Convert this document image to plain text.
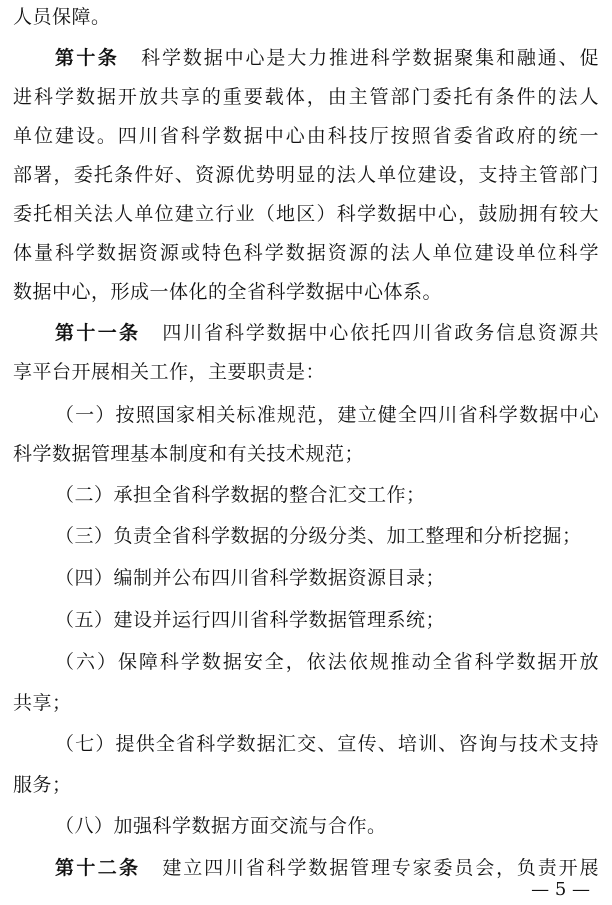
人员保障。
第十条 科学数据中心是大力推进科学数据聚集和融通、促
进科学数据开放共享的重要载体，由主管部门委托有条件的法人
单位建设。四川省科学数据中心由科技厅按照省委省政府的统一
部署，委托条件好、资源优势明显的法人单位建设，支持主管部门
委托相关法人单位建立行业（地区）科学数据中心，鼓励拥有较大
体量科学数据资源或特色科学数据资源的法人单位建设单位科学
数据中心，形成一体化的全省科学数据中心体系。
第十一条 四川省科学数据中心依托四川省政务信息资源共
享平台开展相关工作，主要职责是：
（一）按照国家相关标准规范，建立健全四川省科学数据中心
科学数据管理基本制度和有关技术规范；
（二）承担全省科学数据的整合汇交工作；
（三）负责全省科学数据的分级分类、加工整理和分析挖掘；
（四）编制并公布四川省科学数据资源目录；
（五）建设并运行四川省科学数据管理系统；
（六）保障科学数据安全，依法依规推动全省科学数据开放
共享；
（七）提供全省科学数据汇交、宣传、培训、咨询与技术支持
服务；
（八）加强科学数据方面交流与合作。
第十二条 建立四川省科学数据管理专家委员会，负责开展
— 5 —
